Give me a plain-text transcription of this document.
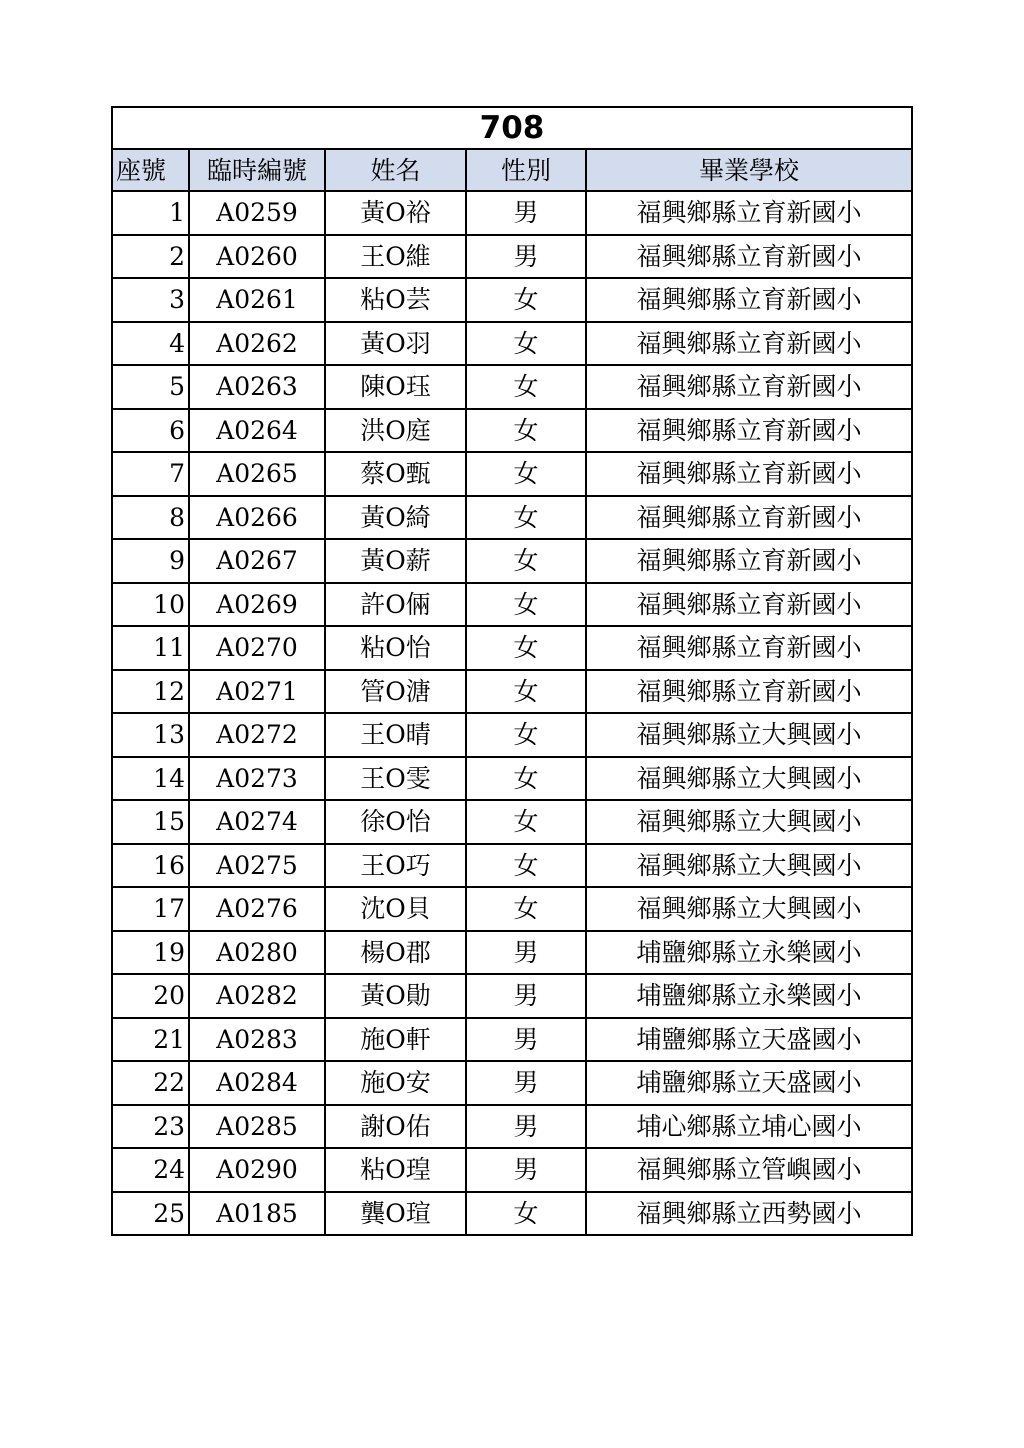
708				
座號	臨時編號	姓名	性別	畢業學校
1	A0259	黃O裕	男	福興鄉縣立育新國小
2	A0260	王O維	男	福興鄉縣立育新國小
3	A0261	粘O芸	女	福興鄉縣立育新國小
4	A0262	黃O羽	女	福興鄉縣立育新國小
5	A0263	陳O珏	女	福興鄉縣立育新國小
6	A0264	洪O庭	女	福興鄉縣立育新國小
7	A0265	蔡O甄	女	福興鄉縣立育新國小
8	A0266	黃O綺	女	福興鄉縣立育新國小
9	A0267	黃O薪	女	福興鄉縣立育新國小
10	A0269	許O倆	女	福興鄉縣立育新國小
11	A0270	粘O怡	女	福興鄉縣立育新國小
12	A0271	管O溏	女	福興鄉縣立育新國小
13	A0272	王O晴	女	福興鄉縣立大興國小
14	A0273	王O雯	女	福興鄉縣立大興國小
15	A0274	徐O怡	女	福興鄉縣立大興國小
16	A0275	王O巧	女	福興鄉縣立大興國小
17	A0276	沈O貝	女	福興鄉縣立大興國小
19	A0280	楊O郡	男	埔鹽鄉縣立永樂國小
20	A0282	黃O勛	男	埔鹽鄉縣立永樂國小
21	A0283	施O軒	男	埔鹽鄉縣立天盛國小
22	A0284	施O安	男	埔鹽鄉縣立天盛國小
23	A0285	謝O佑	男	埔心鄉縣立埔心國小
24	A0290	粘O瑝	男	福興鄉縣立管嶼國小
25	A0185	龔O瑄	女	福興鄉縣立西勢國小
